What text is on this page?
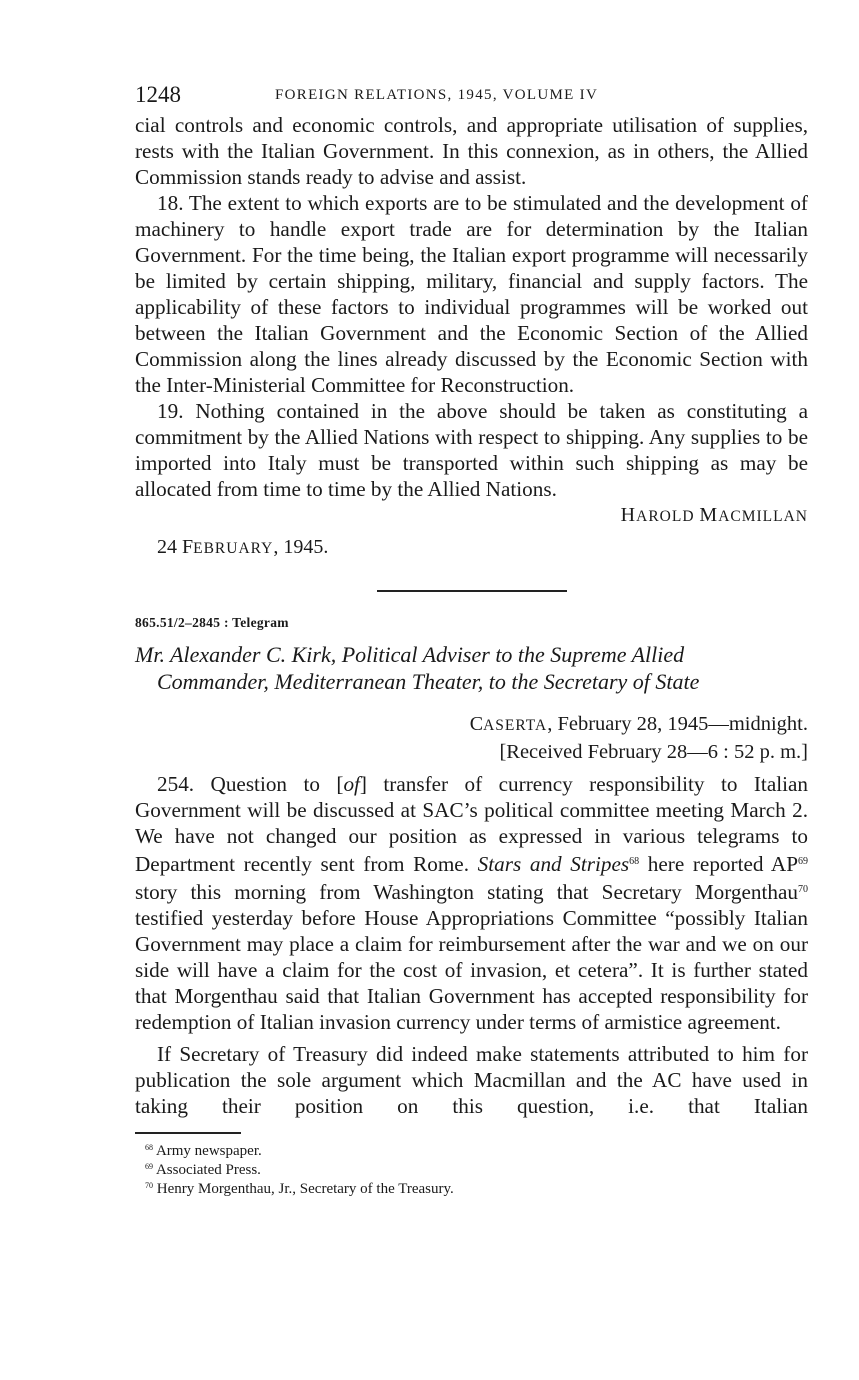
1248	FOREIGN RELATIONS, 1945, VOLUME IV

cial controls and economic controls, and appropriate utilisation of supplies, rests with the Italian Government. In this connexion, as in others, the Allied Commission stands ready to advise and assist.

18. The extent to which exports are to be stimulated and the development of machinery to handle export trade are for determination by the Italian Government. For the time being, the Italian export programme will necessarily be limited by certain shipping, military, financial and supply factors. The applicability of these factors to individual programmes will be worked out between the Italian Government and the Economic Section of the Allied Commission along the lines already discussed by the Economic Section with the Inter-Ministerial Committee for Reconstruction.

19. Nothing contained in the above should be taken as constituting a commitment by the Allied Nations with respect to shipping. Any supplies to be imported into Italy must be transported within such shipping as may be allocated from time to time by the Allied Nations.

HAROLD MACMILLAN
24 FEBRUARY, 1945.
865.51/2–2845 : Telegram
Mr. Alexander C. Kirk, Political Adviser to the Supreme Allied
Commander, Mediterranean Theater, to the Secretary of State
CASERTA, February 28, 1945—midnight.
[Received February 28—6 : 52 p. m.]

254. Question to [of] transfer of currency responsibility to Italian Government will be discussed at SAC’s political committee meeting March 2. We have not changed our position as expressed in various telegrams to Department recently sent from Rome. Stars and Stripes$^{68}$ here reported AP$^{69}$ story this morning from Washington stating that Secretary Morgenthau$^{70}$ testified yesterday before House Appropriations Committee “possibly Italian Government may place a claim for reimbursement after the war and we on our side will have a claim for the cost of invasion, et cetera”. It is further stated that Morgenthau said that Italian Government has accepted responsibility for redemption of Italian invasion currency under terms of armistice agreement.

If Secretary of Treasury did indeed make statements attributed to him for publication the sole argument which Macmillan and the AC have used in taking their position on this question, i.e. that Italian

$^{68}$ Army newspaper.
$^{69}$ Associated Press.
$^{70}$ Henry Morgenthau, Jr., Secretary of the Treasury.
